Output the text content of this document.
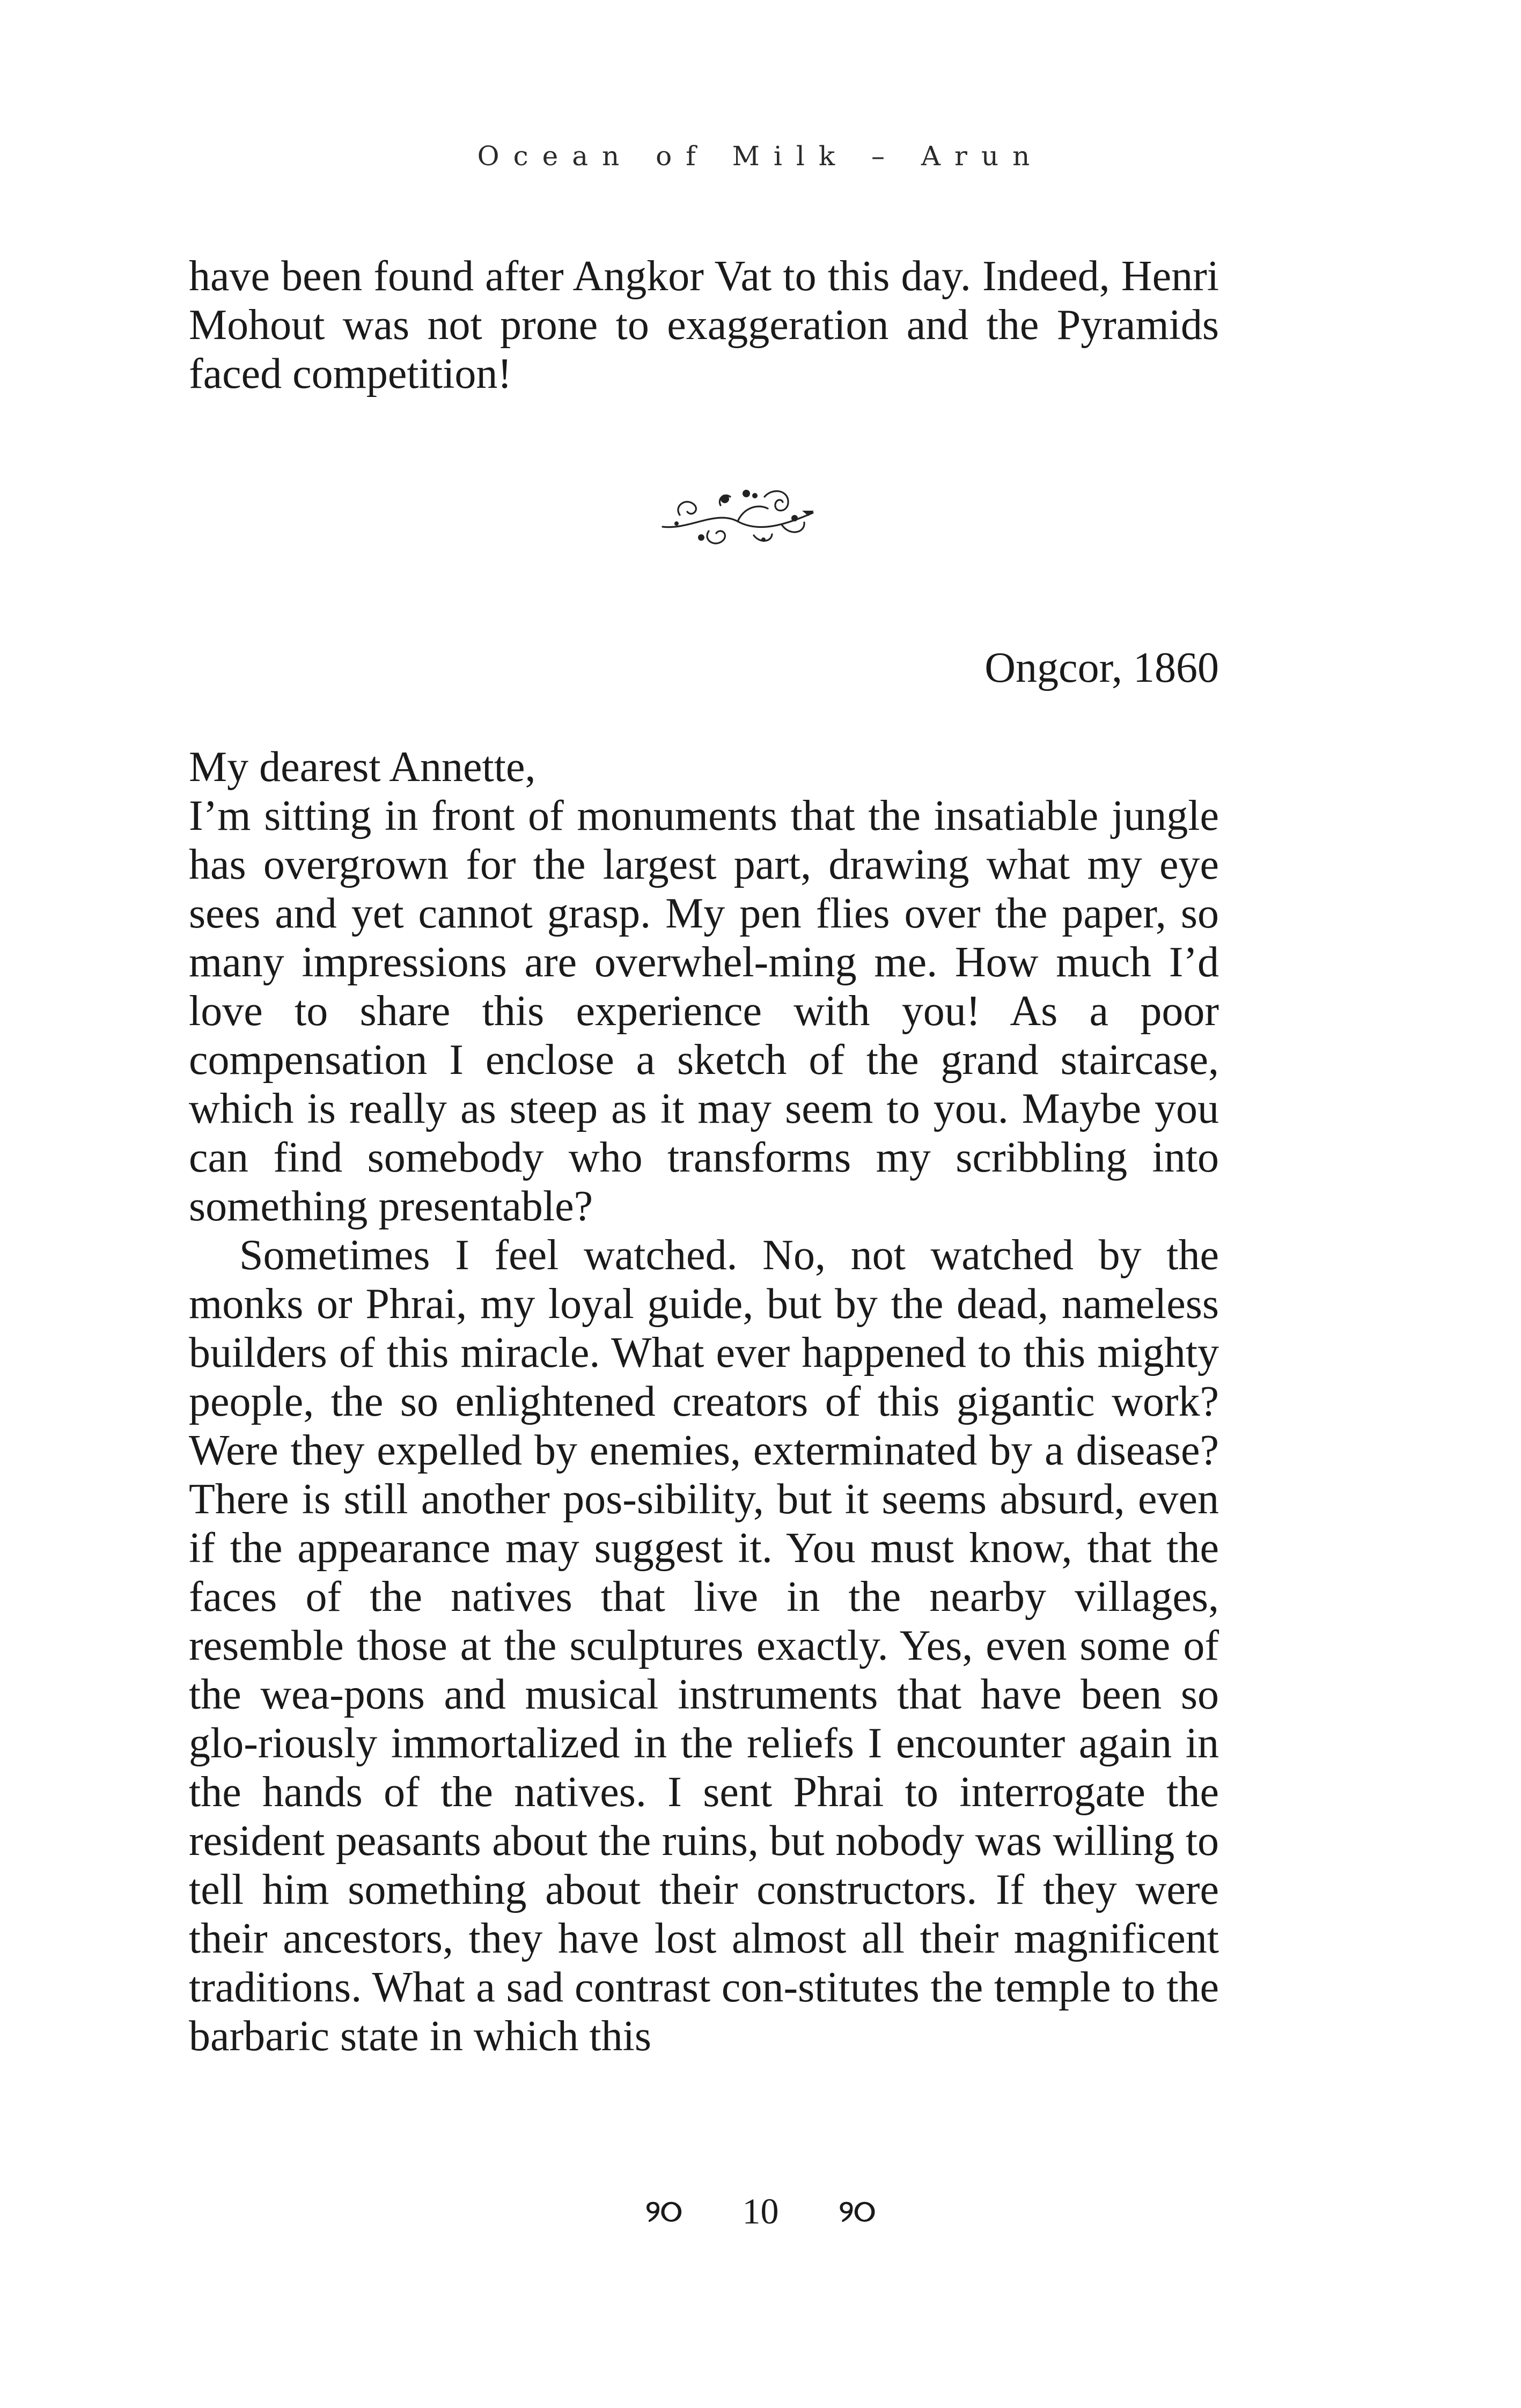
Ocean of Milk – Arun

have been found after Angkor Vat to this day. Indeed, Henri Mohout was not prone to exaggeration and the Pyramids faced competition!

Ongcor, 1860

My dearest Annette,

I’m sitting in front of monuments that the insatiable jungle has overgrown for the largest part, drawing what my eye sees and yet cannot grasp. My pen flies over the paper, so many impressions are overwhel-ming me. How much I’d love to share this experience with you! As a poor compensation I enclose a sketch of the grand staircase, which is really as steep as it may seem to you. Maybe you can find somebody who transforms my scribbling into something presentable?

Sometimes I feel watched. No, not watched by the monks or Phrai, my loyal guide, but by the dead, nameless builders of this miracle. What ever happened to this mighty people, the so enlightened creators of this gigantic work? Were they expelled by enemies, exterminated by a disease? There is still another pos-sibility, but it seems absurd, even if the appearance may suggest it. You must know, that the faces of the natives that live in the nearby villages, resemble those at the sculptures exactly. Yes, even some of the wea-pons and musical instruments that have been so glo-riously immortalized in the reliefs I encounter again in the hands of the natives. I sent Phrai to interrogate the resident peasants about the ruins, but nobody was willing to tell him something about their constructors. If they were their ancestors, they have lost almost all their magnificent traditions. What a sad contrast con-stitutes the temple to the barbaric state in which this

୨୦ 10 ୨୦
